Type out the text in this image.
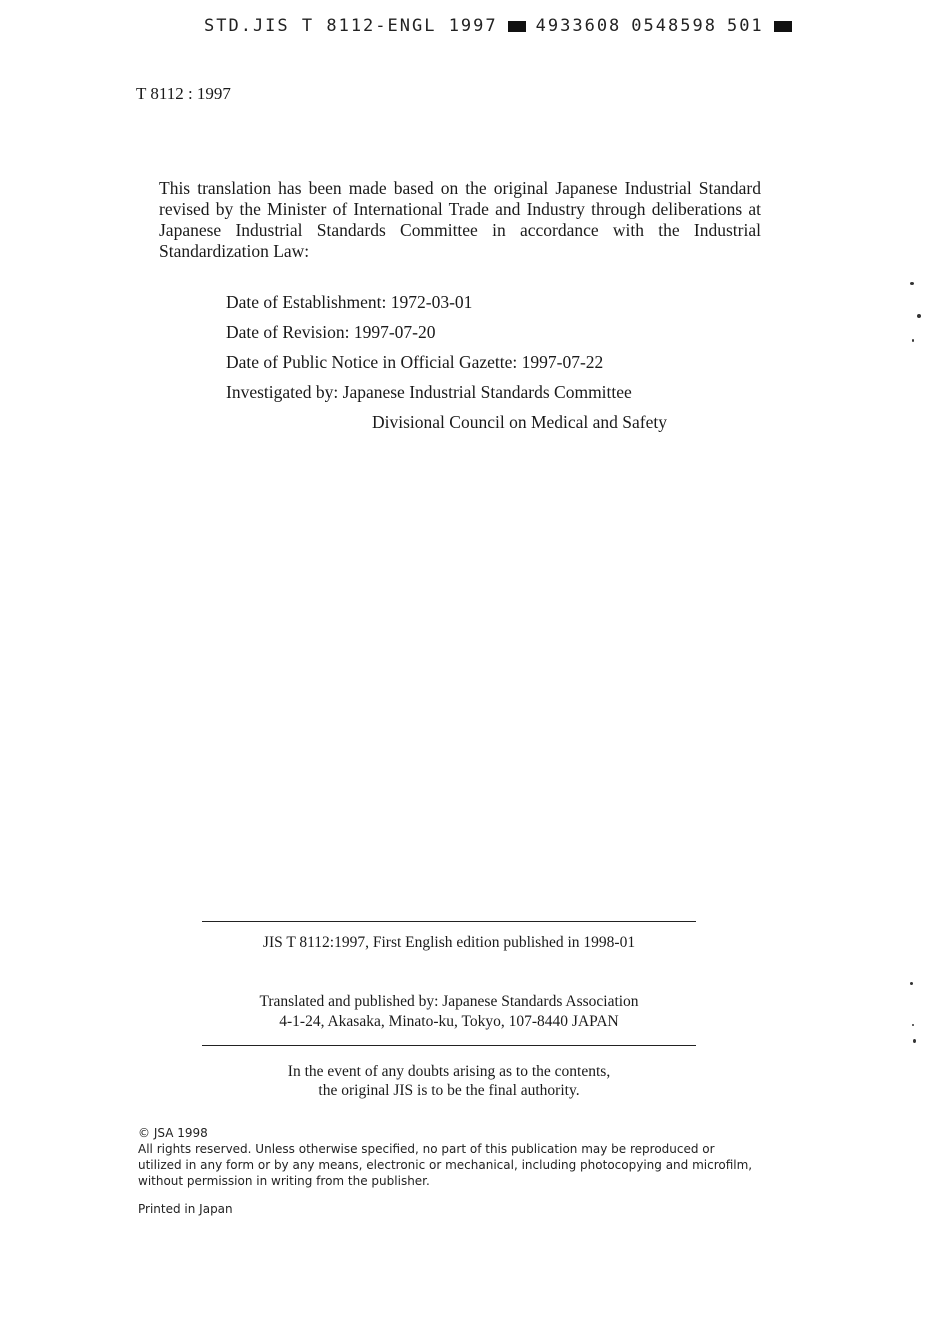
STD.JIS T 8112-ENGL 1997 4933608 0548598 501
T 8112 : 1997

This translation has been made based on the original Japanese Industrial Standard revised by the Minister of International Trade and Industry through deliberations at Japanese Industrial Standards Committee in accordance with the Industrial Standardization Law:

Date of Establishment: 1972-03-01
Date of Revision: 1997-07-20
Date of Public Notice in Official Gazette: 1997-07-22
Investigated by: Japanese Industrial Standards Committee
Divisional Council on Medical and Safety
JIS T 8112:1997, First English edition published in 1998-01
Translated and published by: Japanese Standards Association
4-1-24, Akasaka, Minato-ku, Tokyo, 107-8440 JAPAN
In the event of any doubts arising as to the contents,
the original JIS is to be the final authority.
© JSA 1998

All rights reserved. Unless otherwise specified, no part of this publication may be reproduced or

utilized in any form or by any means, electronic or mechanical, including photocopying and microfilm,

without permission in writing from the publisher.

Printed in Japan
